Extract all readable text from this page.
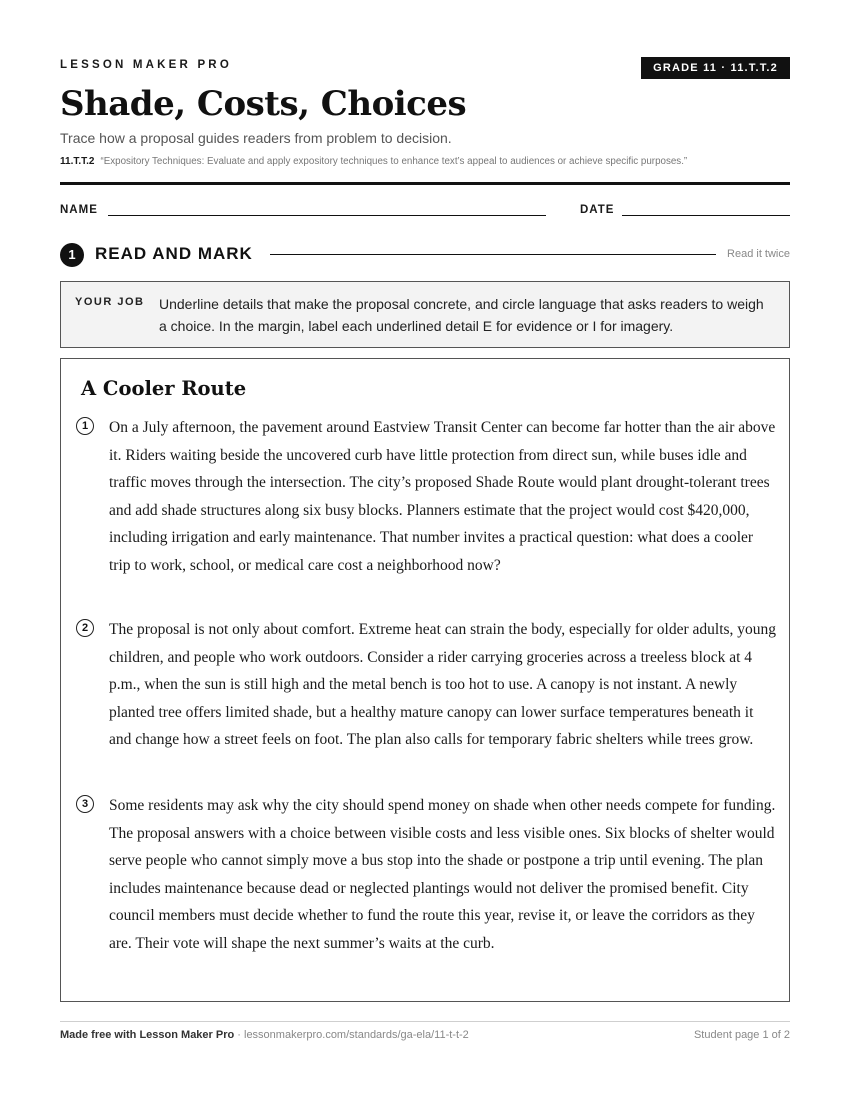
LESSON MAKER PRO	GRADE 11 · 11.T.T.2
Shade, Costs, Choices
Trace how a proposal guides readers from problem to decision.
11.T.T.2 “Expository Techniques: Evaluate and apply expository techniques to enhance text’s appeal to audiences or achieve specific purposes.”
NAME	DATE
1	READ AND MARK	Read it twice
YOUR JOB Underline details that make the proposal concrete, and circle language that asks readers to weigh a choice. In the margin, label each underlined detail E for evidence or I for imagery.
A Cooler Route
1	On a July afternoon, the pavement around Eastview Transit Center can become far hotter than the air above it. Riders waiting beside the uncovered curb have little protection from direct sun, while buses idle and traffic moves through the intersection. The city’s proposed Shade Route would plant drought-tolerant trees and add shade structures along six busy blocks. Planners estimate that the project would cost $420,000, including irrigation and early maintenance. That number invites a practical question: what does a cooler trip to work, school, or medical care cost a neighborhood now?

2	The proposal is not only about comfort. Extreme heat can strain the body, especially for older adults, young children, and people who work outdoors. Consider a rider carrying groceries across a treeless block at 4 p.m., when the sun is still high and the metal bench is too hot to use. A canopy is not instant. A newly planted tree offers limited shade, but a healthy mature canopy can lower surface temperatures beneath it and change how a street feels on foot. The plan also calls for temporary fabric shelters while trees grow.

3	Some residents may ask why the city should spend money on shade when other needs compete for funding. The proposal answers with a choice between visible costs and less visible ones. Six blocks of shelter would serve people who cannot simply move a bus stop into the shade or postpone a trip until evening. The plan includes maintenance because dead or neglected plantings would not deliver the promised benefit. City council members must decide whether to fund the route this year, revise it, or leave the corridors as they are. Their vote will shape the next summer’s waits at the curb.

Made free with Lesson Maker Pro · lessonmakerpro.com/standards/ga-ela/11-t-t-2	Student page 1 of 2
